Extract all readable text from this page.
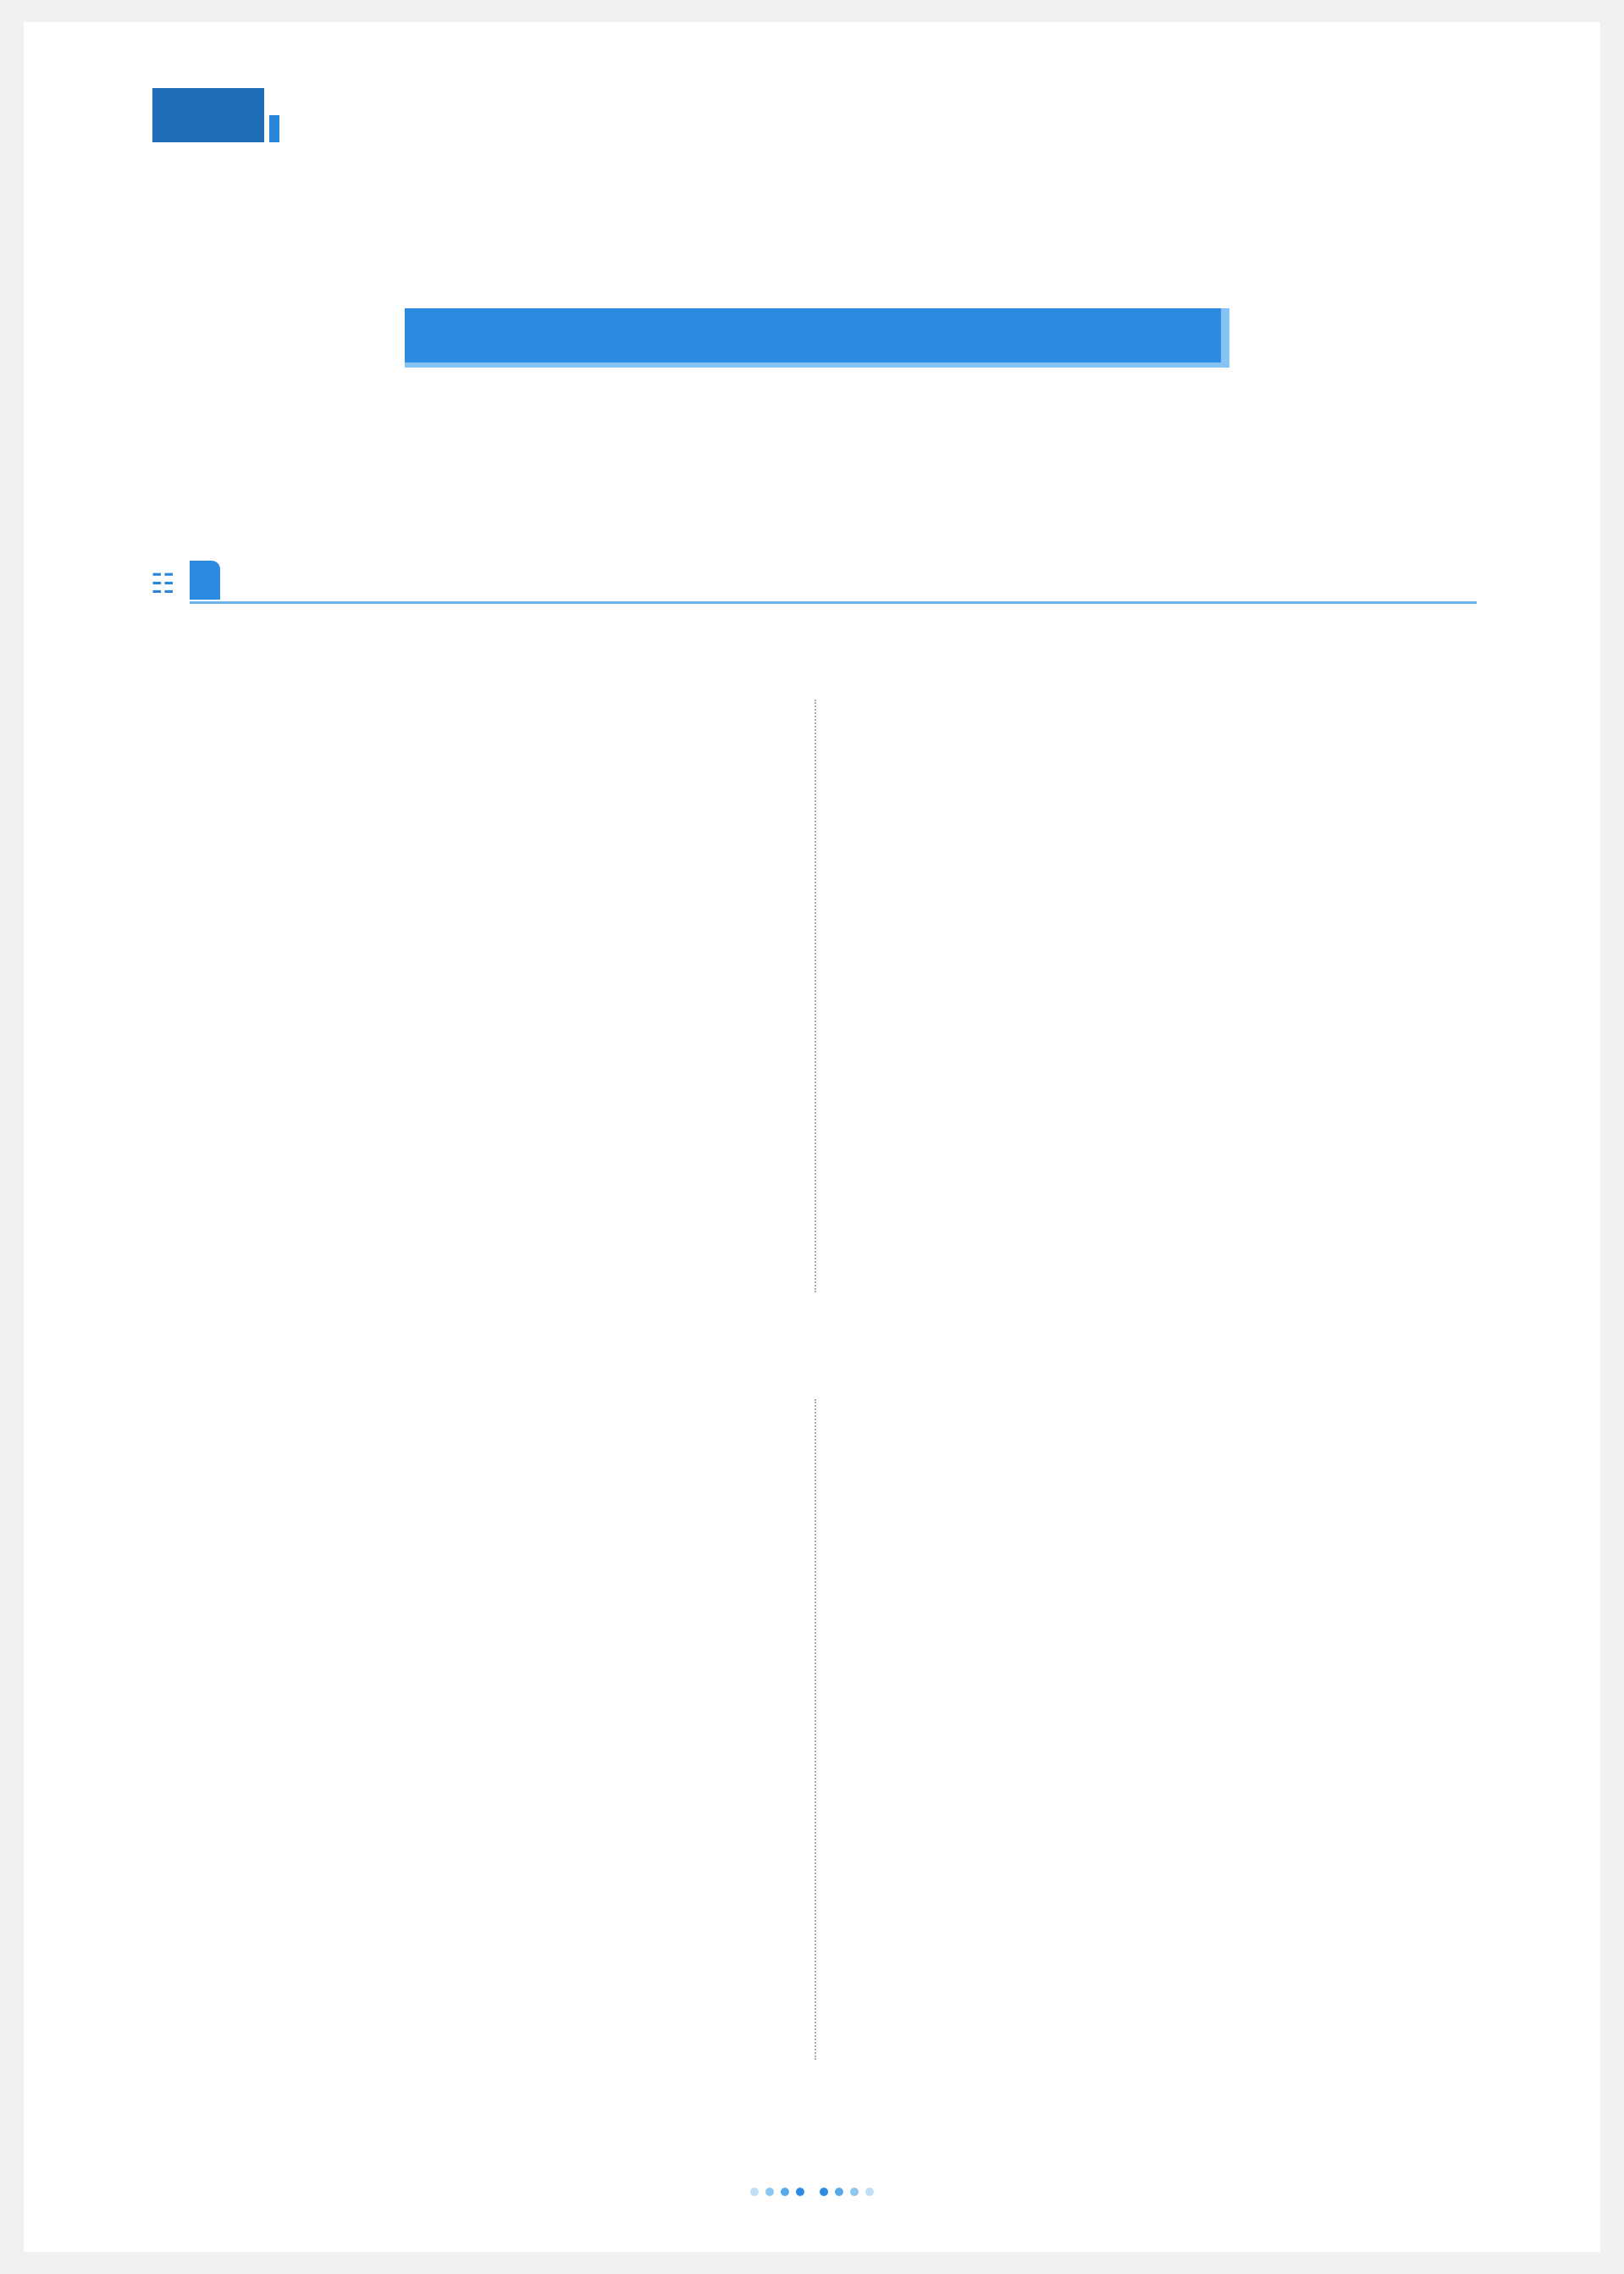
☷
